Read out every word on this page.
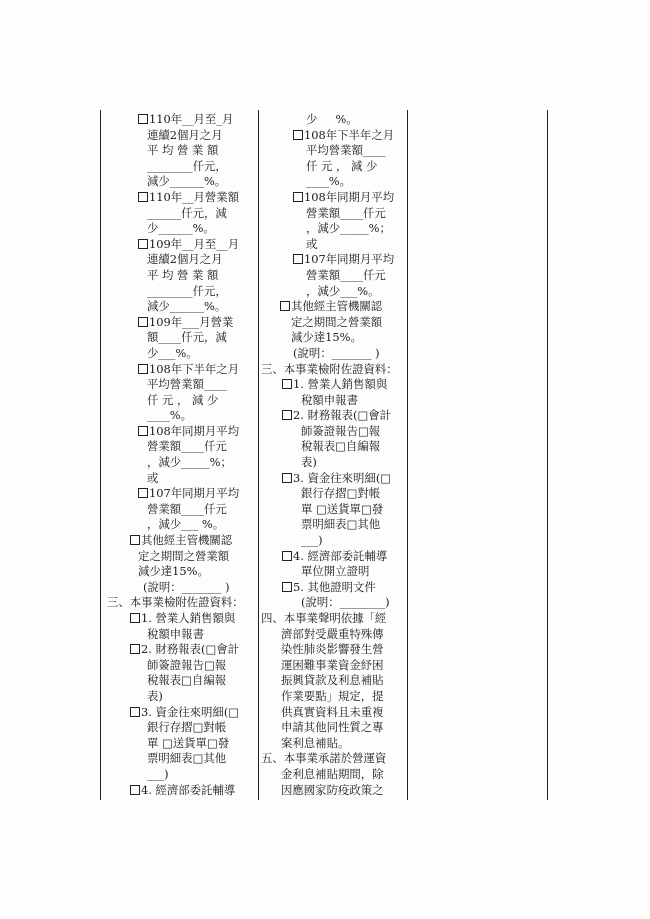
110年__月至_月
連續2個月之月
平 均 營 業 額
________仟元，
減少______%。
110年__月營業額
______仟元，減
少______%。
109年__月至__月
連續2個月之月
平 均 營 業 額
________仟元，
減少______%。
109年___月營業
額____仟元，減
少___%。
108年下半年之月
平均營業額____
仟 元 ， 減 少
____%。
108年同期月平均
營業額____仟元
，減少_____%；
或
107年同期月平均
營業額____仟元
，減少___ %。
其他經主管機關認
定之期間之營業額
減少達15%。
(說明：_______ )
三、本事業檢附佐證資料：
1. 營業人銷售額與
稅額申報書
2. 財務報表(□會計
師簽證報告□報
稅報表□自編報
表)
3. 資金往來明細(□
銀行存摺□對帳
單 □送貨單□發
票明細表□其他
___)
4. 經濟部委託輔導
少     %。
108年下半年之月
平均營業額____
仟 元 ， 減 少
____%。
108年同期月平均
營業額____仟元
，減少_____%；
或
107年同期月平均
營業額____仟元
，減少___%。
其他經主管機關認
定之期間之營業額
減少達15%。
(說明：_______ )
三、本事業檢附佐證資料：
1. 營業人銷售額與
稅額申報書
2. 財務報表(□會計
師簽證報告□報
稅報表□自編報
表)
3. 資金往來明細(□
銀行存摺□對帳
單 □送貨單□發
票明細表□其他
___)
4. 經濟部委託輔導
單位開立證明
5. 其他證明文件
(說明：________)
四、本事業聲明依據「經
濟部對受嚴重特殊傳
染性肺炎影響發生營
運困難事業資金紓困
振興貸款及利息補貼
作業要點」規定，提
供真實資料且未重複
申請其他同性質之專
案利息補貼。
五、本事業承諾於營運資
金利息補貼期間，除
因應國家防疫政策之
